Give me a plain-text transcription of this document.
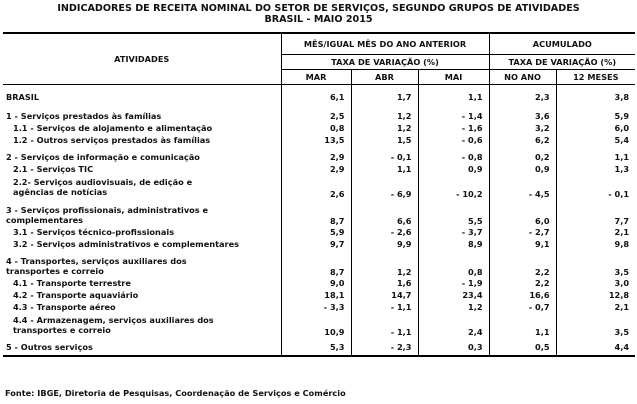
INDICADORES DE RECEITA NOMINAL DO SETOR DE SERVIÇOS, SEGUNDO GRUPOS DE ATIVIDADES
BRASIL - MAIO 2015
ATIVIDADES	MÊS/IGUAL MÊS DO ANO ANTERIOR			ACUMULADO	
	TAXA DE VARIAÇÃO (%)			TAXA DE VARIAÇÃO (%)	
	MAR	ABR	MAI	NO ANO	12 MESES

BRASIL	6,1	1,7	1,1	2,3	3,8

1 - Serviços prestados às famílias	2,5	1,2	- 1,4	3,6	5,9
1.1 - Serviços de alojamento e alimentação	0,8	1,2	- 1,6	3,2	6,0
1.2 - Outros serviços prestados às famílias	13,5	1,5	- 0,6	6,2	5,4

2 - Serviços de informação e comunicação	2,9	- 0,1	- 0,8	0,2	1,1
2.1 - Serviços TIC	2,9	1,1	0,9	0,9	1,3
2.2- Serviços audiovisuais, de edição e agências de notícias	2,6	- 6,9	- 10,2	- 4,5	- 0,1

3 - Serviços profissionais, administrativos e complementares	8,7	6,6	5,5	6,0	7,7
3.1 - Serviços técnico-profissionais	5,9	- 2,6	- 3,7	- 2,7	2,1
3.2 - Serviços administrativos e complementares	9,7	9,9	8,9	9,1	9,8

4 - Transportes, serviços auxiliares dos transportes e correio	8,7	1,2	0,8	2,2	3,5
4.1 - Transporte terrestre	9,0	1,6	- 1,9	2,2	3,0
4.2 - Transporte aquaviário	18,1	14,7	23,4	16,6	12,8
4.3 - Transporte aéreo	- 3,3	- 1,1	1,2	- 0,7	2,1
4.4 - Armazenagem, serviços auxiliares dos transportes e correio	10,9	- 1,1	2,4	1,1	3,5

5 - Outros serviços	5,3	- 2,3	0,3	0,5	4,4
Fonte: IBGE, Diretoria de Pesquisas, Coordenação de Serviços e Comércio
